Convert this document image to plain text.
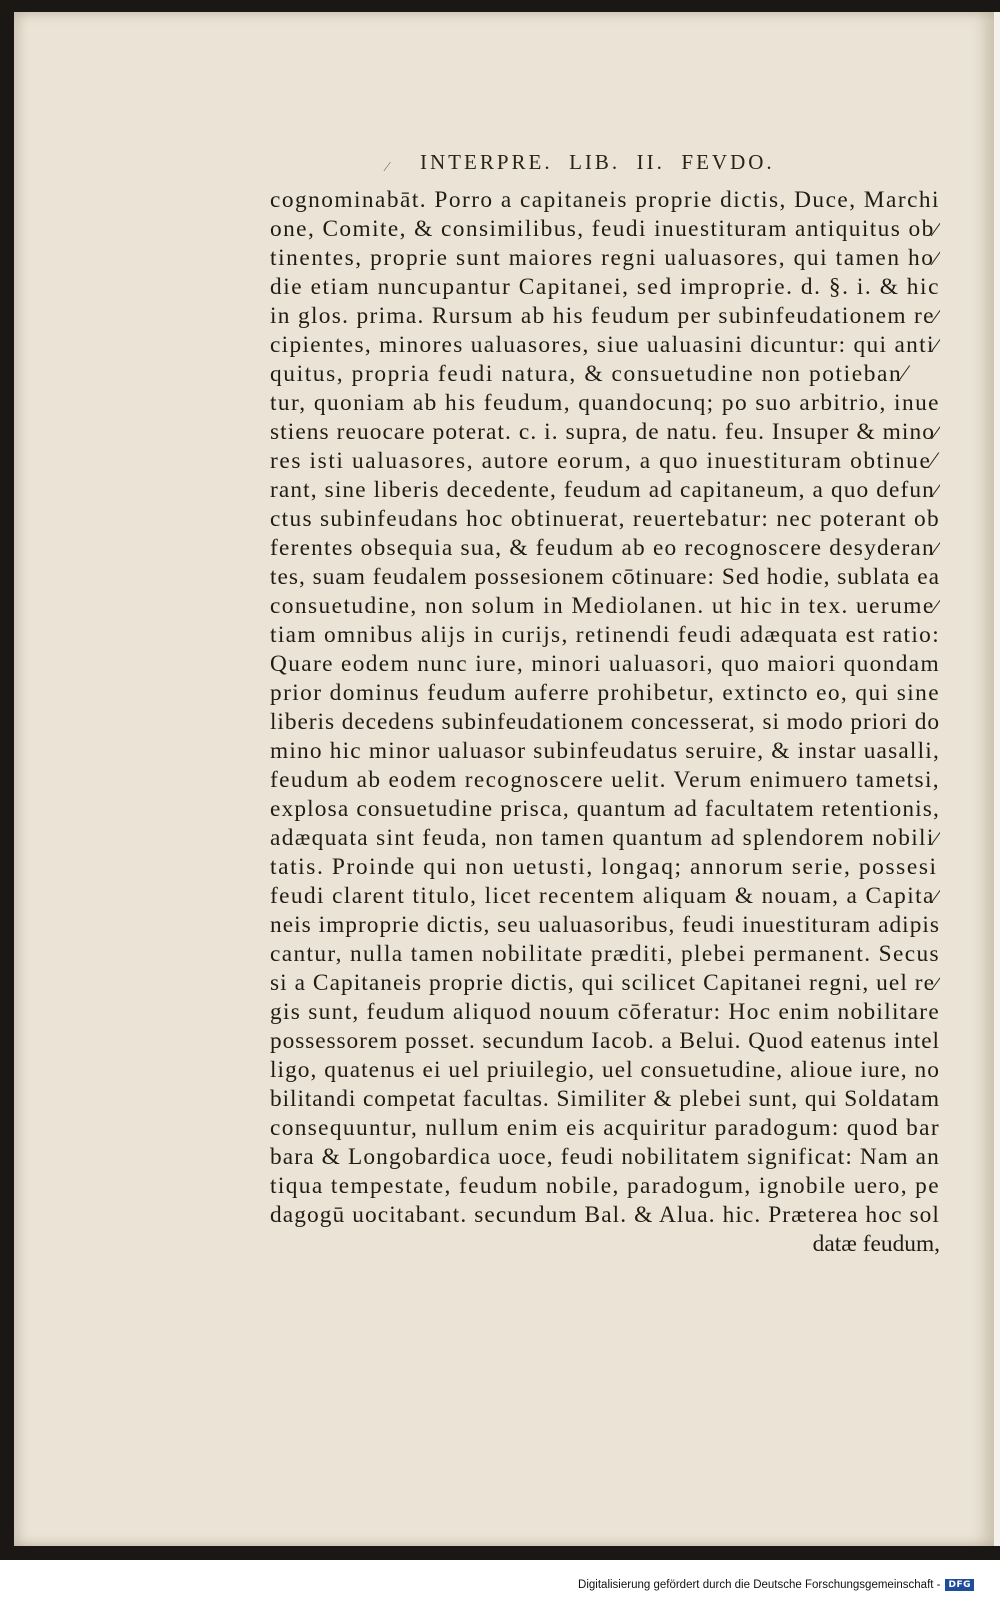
⁄ INTERPRE.  LIB.  II.  FEVDO.
cognominabāt. Porro a capitaneis proprie dictis, Duce, Marchi
one, Comite, & consimilibus, feudi inuestituram antiquitus ob⁄
tinentes, proprie sunt maiores regni ualuasores, qui tamen ho⁄
die etiam nuncupantur Capitanei, sed improprie. d. §. i. & hic
in glos. prima. Rursum ab his feudum per subinfeudationem re⁄
cipientes, minores ualuasores, siue ualuasini dicuntur: qui anti⁄
quitus, propria feudi natura, & consuetudine non potieban⁄
tur, quoniam ab his feudum, quandocunq; po suo arbitrio, inue
stiens reuocare poterat. c. i. supra, de natu. feu. Insuper & mino⁄
res isti ualuasores, autore eorum, a quo inuestituram obtinue⁄
rant, sine liberis decedente, feudum ad capitaneum, a quo defun⁄
ctus subinfeudans hoc obtinuerat, reuertebatur: nec poterant ob
ferentes obsequia sua, & feudum ab eo recognoscere desyderan⁄
tes, suam feudalem possesionem cōtinuare: Sed hodie, sublata ea
consuetudine, non solum in Mediolanen. ut hic in tex. uerume⁄
tiam omnibus alijs in curijs, retinendi feudi adæquata est ratio:
Quare eodem nunc iure, minori ualuasori, quo maiori quondam
prior dominus feudum auferre prohibetur, extincto eo, qui sine
liberis decedens subinfeudationem concesserat, si modo priori do
mino hic minor ualuasor subinfeudatus seruire, & instar uasalli,
feudum ab eodem recognoscere uelit. Verum enimuero tametsi,
explosa consuetudine prisca, quantum ad facultatem retentionis,
adæquata sint feuda, non tamen quantum ad splendorem nobili⁄
tatis. Proinde qui non uetusti, longaq; annorum serie, possesi
feudi clarent titulo, licet recentem aliquam & nouam, a Capita⁄
neis improprie dictis, seu ualuasoribus, feudi inuestituram adipis
cantur, nulla tamen nobilitate præditi, plebei permanent. Secus
si a Capitaneis proprie dictis, qui scilicet Capitanei regni, uel re⁄
gis sunt, feudum aliquod nouum cōferatur: Hoc enim nobilitare
possessorem posset. secundum Iacob. a Belui. Quod eatenus intel
ligo, quatenus ei uel priuilegio, uel consuetudine, alioue iure, no
bilitandi competat facultas. Similiter & plebei sunt, qui Soldatam
consequuntur, nullum enim eis acquiritur paradogum: quod bar
bara & Longobardica uoce, feudi nobilitatem significat: Nam an
tiqua tempestate, feudum nobile, paradogum, ignobile uero, pe
dagogū uocitabant. secundum Bal. & Alua. hic. Præterea hoc sol
datæ feudum,
Digitalisierung gefördert durch die Deutsche Forschungsgemeinschaft - DFG
